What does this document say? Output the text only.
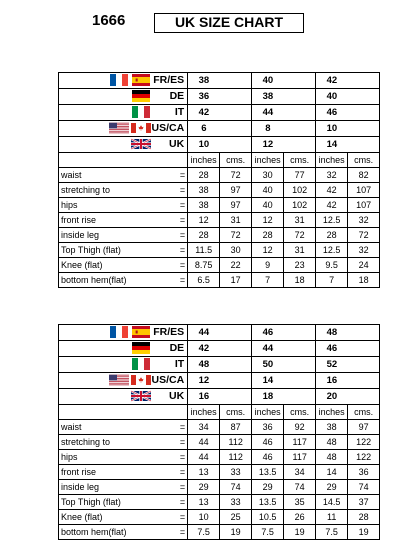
1666	UK SIZE CHART
	FR/ES	38		40		42	

	DE	36		38		40	

	IT	42		44		46	

	US/CA	6		8		10	

	UK	10		12		14	
		inches	cms.	inches	cms.	inches	cms.
waist	=	28	72	30	77	32	82
stretching to	=	38	97	40	102	42	107
hips	=	38	97	40	102	42	107
front rise	=	12	31	12	31	12.5	32
inside leg	=	28	72	28	72	28	72
Top Thigh (flat)	=	11.5	30	12	31	12.5	32
Knee (flat)	=	8.75	22	9	23	9.5	24
bottom hem(flat)	=	6.5	17	7	18	7	18
	FR/ES	44		46		48	

	DE	42		44		46	

	IT	48		50		52	

	US/CA	12		14		16	

	UK	16		18		20	
		inches	cms.	inches	cms.	inches	cms.
waist	=	34	87	36	92	38	97
stretching to	=	44	112	46	117	48	122
hips	=	44	112	46	117	48	122
front rise	=	13	33	13.5	34	14	36
inside leg	=	29	74	29	74	29	74
Top Thigh (flat)	=	13	33	13.5	35	14.5	37
Knee (flat)	=	10	25	10.5	26	11	28
bottom hem(flat)	=	7.5	19	7.5	19	7.5	19
